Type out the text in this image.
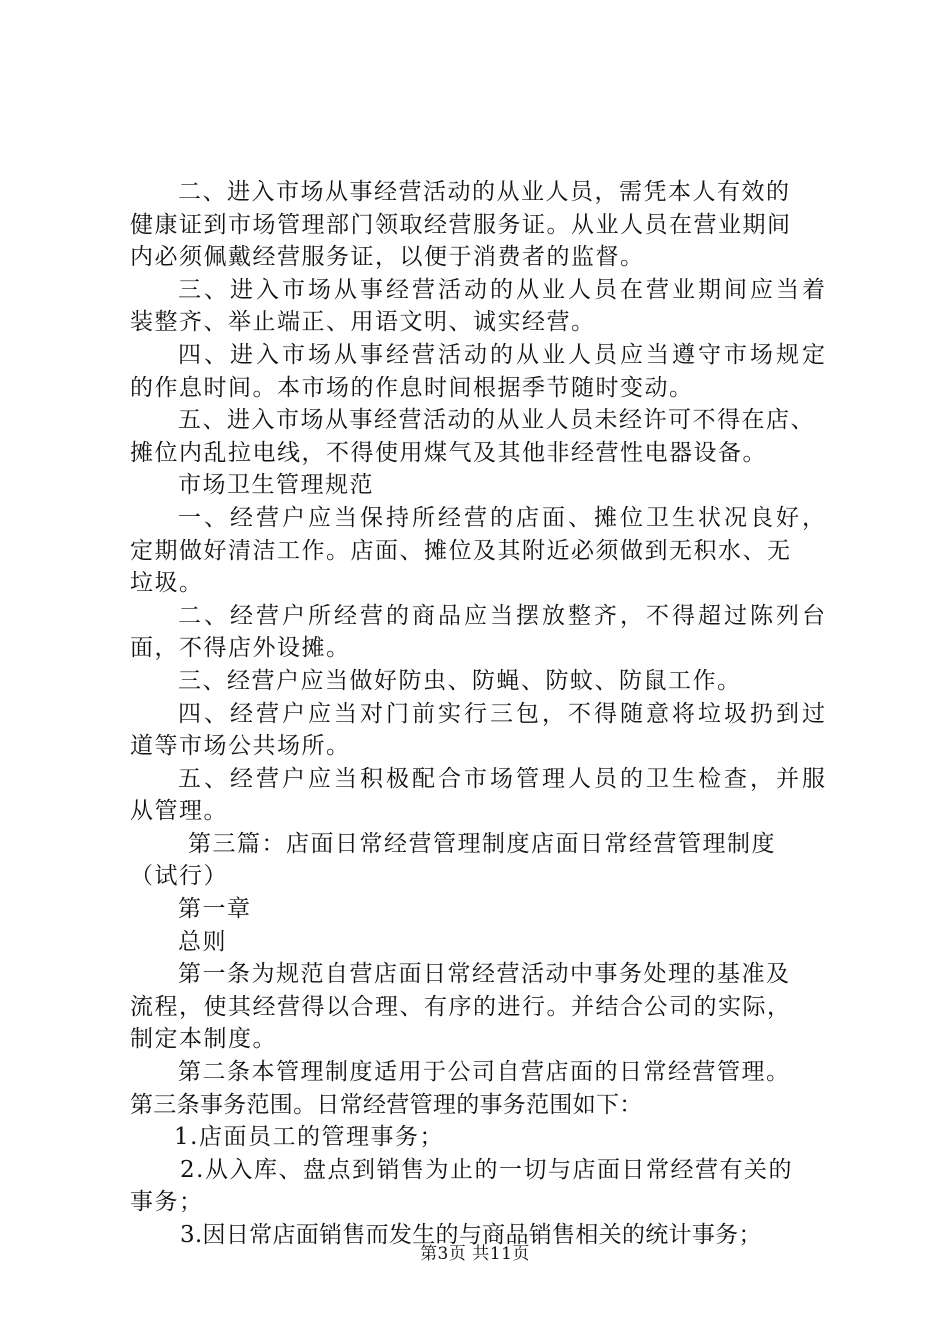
二、进入市场从事经营活动的从业人员，需凭本人有效的
健康证到市场管理部门领取经营服务证。从业人员在营业期间
内必须佩戴经营服务证，以便于消费者的监督。
三、进入市场从事经营活动的从业人员在营业期间应当着
装整齐、举止端正、用语文明、诚实经营。
四、进入市场从事经营活动的从业人员应当遵守市场规定
的作息时间。本市场的作息时间根据季节随时变动。
五、进入市场从事经营活动的从业人员未经许可不得在店、
摊位内乱拉电线，不得使用煤气及其他非经营性电器设备。
市场卫生管理规范
一、经营户应当保持所经营的店面、摊位卫生状况良好，
定期做好清洁工作。店面、摊位及其附近必须做到无积水、无
垃圾。
二、经营户所经营的商品应当摆放整齐，不得超过陈列台
面，不得店外设摊。
三、经营户应当做好防虫、防蝇、防蚊、防鼠工作。
四、经营户应当对门前实行三包，不得随意将垃圾扔到过
道等市场公共场所。
五、经营户应当积极配合市场管理人员的卫生检查，并服
从管理。
第三篇：店面日常经营管理制度店面日常经营管理制度
（试行）
第一章
总则
第一条为规范自营店面日常经营活动中事务处理的基准及
流程，使其经营得以合理、有序的进行。并结合公司的实际，
制定本制度。
第二条本管理制度适用于公司自营店面的日常经营管理。
第三条事务范围。日常经营管理的事务范围如下：
1.店面员工的管理事务；
2.从入库、盘点到销售为止的一切与店面日常经营有关的
事务；
3.因日常店面销售而发生的与商品销售相关的统计事务；
第3页 共11页
